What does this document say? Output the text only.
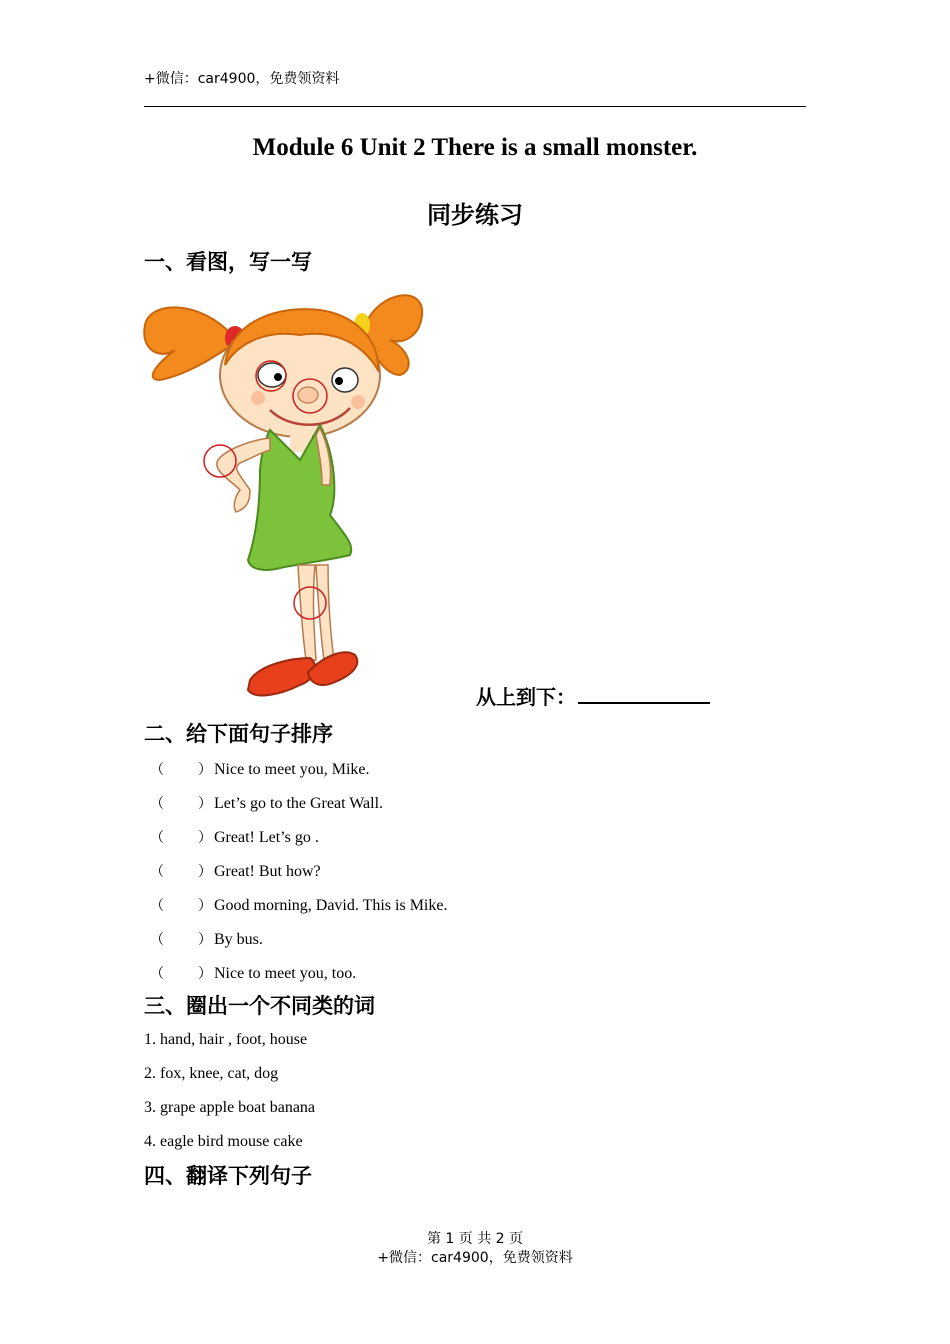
+微信：car4900，免费领资料
Module 6 Unit 2 There is a small monster.
同步练习
一、看图，写一写
从上到下：
二、给下面句子排序
（ ） Nice to meet you, Mike.
（ ） Let’s go to the Great Wall.
（ ） Great! Let’s go .
（ ） Great! But how?
（ ） Good morning, David. This is Mike.
（ ） By bus.
（ ） Nice to meet you, too.
三、圈出一个不同类的词
1. hand, hair , foot, house
2. fox, knee, cat, dog
3. grape apple boat banana
4. eagle bird mouse cake
四、翻译下列句子
第 1 页 共 2 页
+微信：car4900，免费领资料
